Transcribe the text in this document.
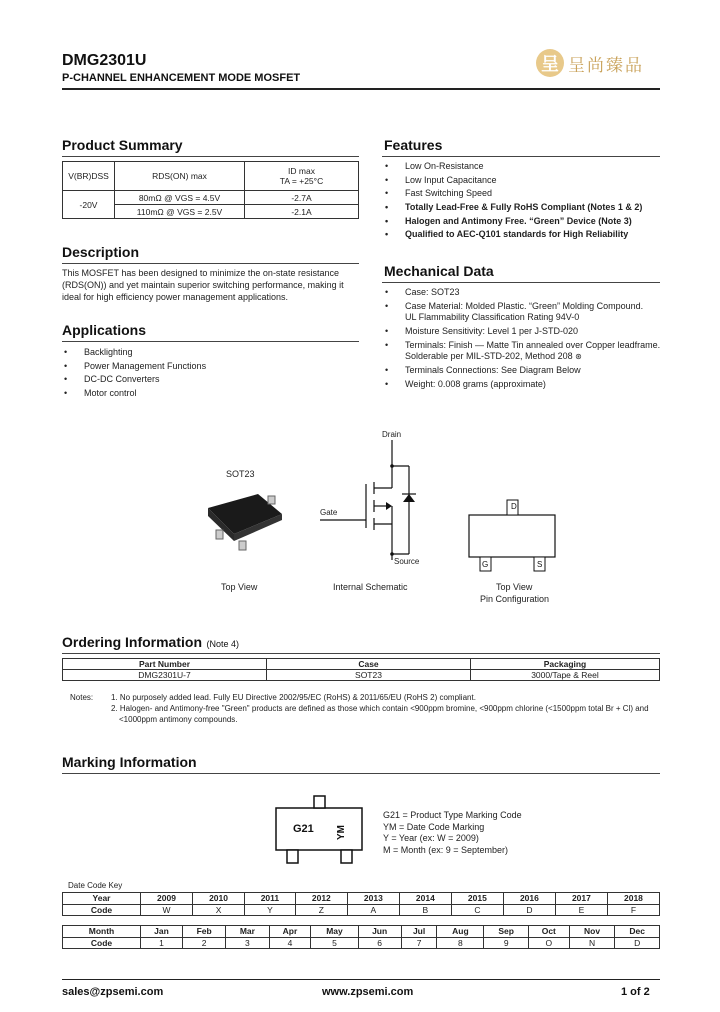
DMG2301U
P-CHANNEL ENHANCEMENT MODE MOSFET
呈 呈尚臻品
Product Summary
V(BR)DSS	RDS(ON) max	ID max
TA = +25°C

-20V	80mΩ @ VGS = 4.5V	-2.7A
	110mΩ @ VGS = 2.5V	-2.1A
Description
This MOSFET has been designed to minimize the on-state resistance (RDS(ON)) and yet maintain superior switching performance, making it ideal for high efficiency power management applications.
Applications
• Backlighting
• Power Management Functions
• DC-DC Converters
• Motor control
Features
• Low On-Resistance
• Low Input Capacitance
• Fast Switching Speed
• Totally Lead-Free & Fully RoHS Compliant (Notes 1 & 2)
• Halogen and Antimony Free. “Green” Device (Note 3)
• Qualified to AEC-Q101 standards for High Reliability
Mechanical Data
• Case: SOT23
• Case Material: Molded Plastic. “Green” Molding Compound.
UL Flammability Classification Rating 94V-0
• Moisture Sensitivity: Level 1 per J-STD-020
• Terminals: Finish — Matte Tin annealed over Copper leadframe.
Solderable per MIL-STD-202, Method 208 ⊛
• Terminals Connections: See Diagram Below
• Weight: 0.008 grams (approximate)
SOT23
Top View
Drain
Gate
Source
Internal Schematic
D
G	S
Top View
Pin Configuration
Ordering Information (Note 4)
Part Number	Case	Packaging
DMG2301U-7	SOT23	3000/Tape & Reel
Notes: 1. No purposely added lead. Fully EU Directive 2002/95/EC (RoHS) & 2011/65/EU (RoHS 2) compliant.
2. Halogen- and Antimony-free "Green" products are defined as those which contain <900ppm bromine, <900ppm chlorine (<1500ppm total Br + Cl) and
<1000ppm antimony compounds.
Marking Information
G21 YM
G21 = Product Type Marking Code
YM = Date Code Marking
Y = Year (ex: W = 2009)
M = Month (ex: 9 = September)
Date Code Key
Year	2009	2010	2011	2012	2013	2014	2015	2016	2017	2018
Code	W	X	Y	Z	A	B	C	D	E	F
Month	Jan	Feb	Mar	Apr	May	Jun	Jul	Aug	Sep	Oct	Nov	Dec
Code	1	2	3	4	5	6	7	8	9	O	N	D
sales@zpsemi.com	www.zpsemi.com	1 of 2
